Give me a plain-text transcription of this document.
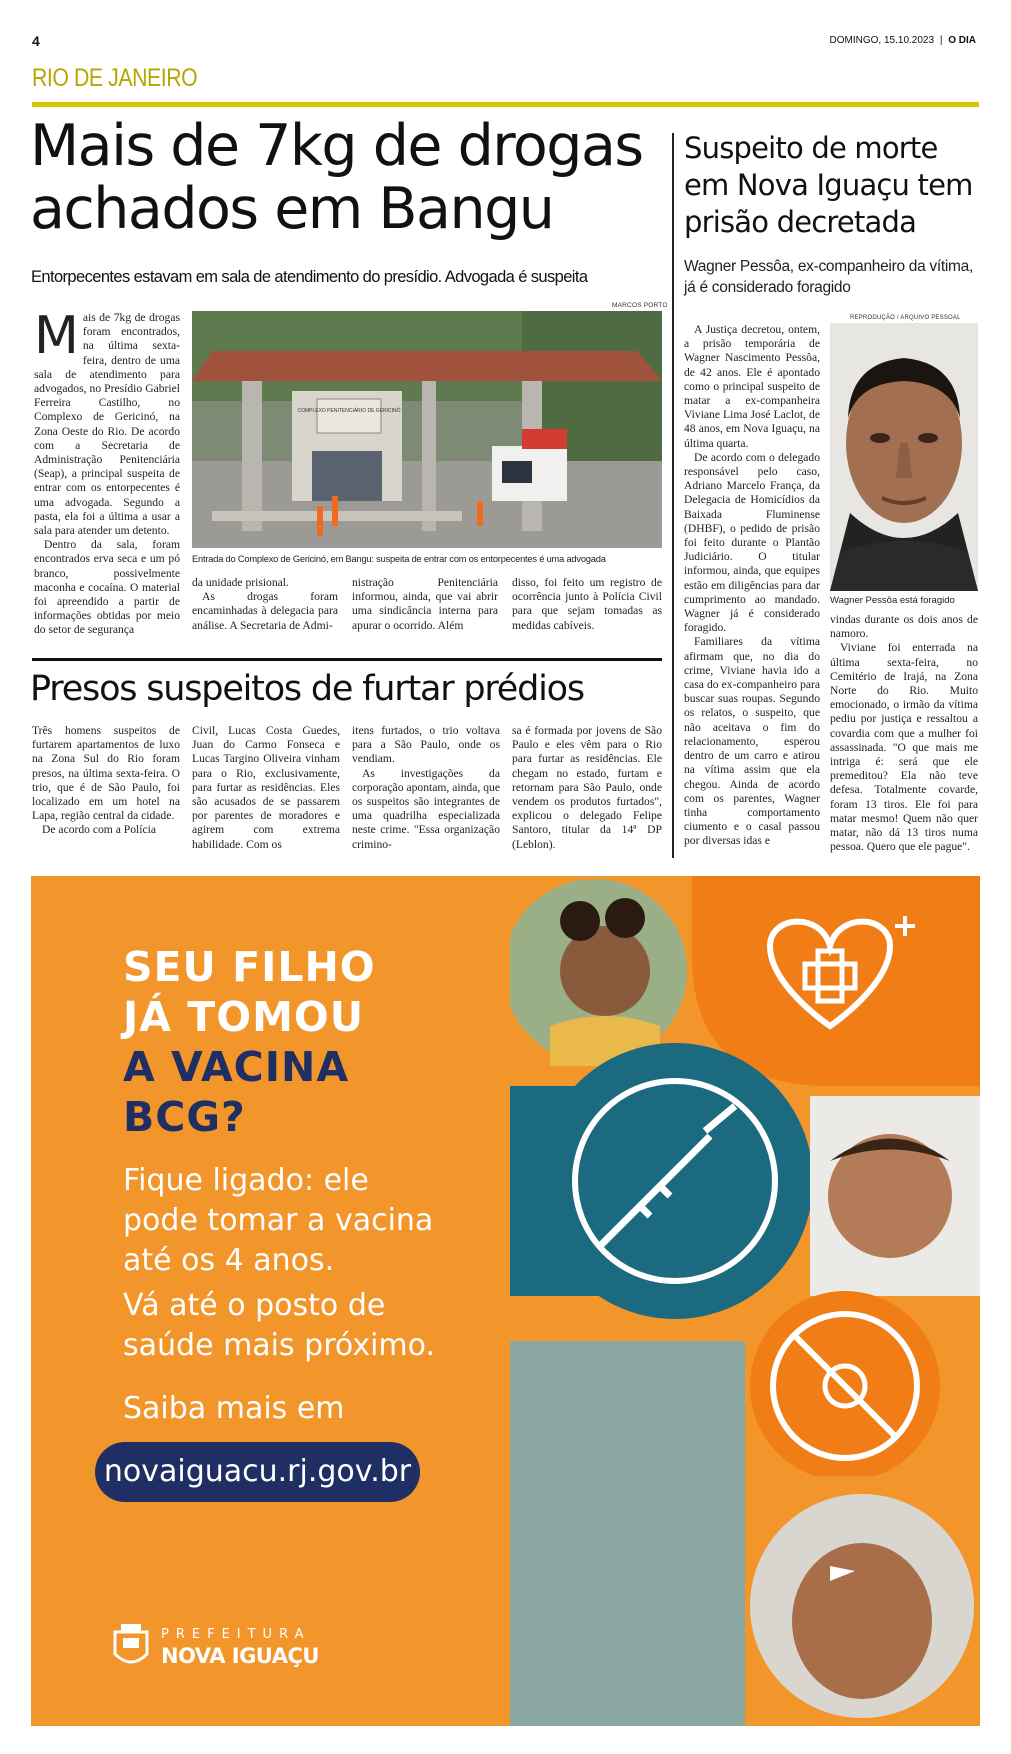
4	DOMINGO, 15.10.2023 | O DIA
RIO DE JANEIRO
Mais de 7kg de drogas
achados em Bangu
Entorpecentes estavam em sala de atendimento do presídio. Advogada é suspeita
M ais de 7kg de drogas foram encontrados, na última sexta-feira, dentro de uma sala de atendimento para advogados, no Presídio Gabriel Ferreira Castilho, no Complexo de Gericinó, na Zona Oeste do Rio. De acordo com a Secretaria de Administração Penitenciária (Seap), a principal suspeita de entrar com os entorpecentes é uma advogada. Segundo a pasta, ela foi a última a usar a sala para atender um detento.

Dentro da sala, foram encontrados erva seca e um pó branco, possivelmente maconha e cocaína. O material foi apreendido a partir de informações obtidas por meio do setor de segurança

MARCOS PORTO
COMPLEXO PENITENCIÁRIO DE GERICINÓ
Entrada do Complexo de Gericinó, em Bangu: suspeita de entrar com os entorpecentes é uma advogada

da unidade prisional.

As drogas foram encaminhadas à delegacia para análise. A Secretaria de Admi-

nistração Penitenciária informou, ainda, que vai abrir uma sindicância interna para apurar o ocorrido. Além

disso, foi feito um registro de ocorrência junto à Polícia Civil para que sejam tomadas as medidas cabíveis.

Presos suspeitos de furtar prédios

Três homens suspeitos de furtarem apartamentos de luxo na Zona Sul do Rio foram presos, na última sexta-feira. O trio, que é de São Paulo, foi localizado em um hotel na Lapa, região central da cidade.

De acordo com a Polícia

Civil, Lucas Costa Guedes, Juan do Carmo Fonseca e Lucas Targino Oliveira vinham para o Rio, exclusivamente, para furtar as residências. Eles são acusados de se passarem por parentes de moradores e agirem com extrema habilidade. Com os

itens furtados, o trio voltava para a São Paulo, onde os vendiam.

As investigações da corporação apontam, ainda, que os suspeitos são integrantes de uma quadrilha especializada neste crime. "Essa organização crimino-

sa é formada por jovens de São Paulo e eles vêm para o Rio para furtar as residências. Ele chegam no estado, furtam e retornam para São Paulo, onde vendem os produtos furtados", explicou o delegado Felipe Santoro, titular da 14ª DP (Leblon).

Suspeito de morte
em Nova Iguaçu tem
prisão decretada
Wagner Pessôa, ex-companheiro da vítima, já é considerado foragido

A Justiça decretou, ontem, a prisão temporária de Wagner Nascimento Pessôa, de 42 anos. Ele é apontado como o principal suspeito de matar a ex-companheira Viviane Lima José Laclot, de 48 anos, em Nova Iguaçu, na última quarta.

De acordo com o delegado responsável pelo caso, Adriano Marcelo França, da Delegacia de Homicídios da Baixada Fluminense (DHBF), o pedido de prisão foi feito durante o Plantão Judiciário. O titular informou, ainda, que equipes estão em diligências para dar cumprimento ao mandado. Wagner já é considerado foragido.

Familiares da vítima afirmam que, no dia do crime, Viviane havia ido a casa do ex-companheiro para buscar suas roupas. Segundo os relatos, o suspeito, que não aceitava o fim do relacionamento, esperou dentro de um carro e atirou na vítima assim que ela chegou. Ainda de acordo com os parentes, Wagner tinha comportamento ciumento e o casal passou por diversas idas e

REPRODUÇÃO / ARQUIVO PESSOAL
Wagner Pessôa está foragido

vindas durante os dois anos de namoro.

Viviane foi enterrada na última sexta-feira, no Cemitério de Irajá, na Zona Norte do Rio. Muito emocionado, o irmão da vítima pediu por justiça e ressaltou a covardia com que a mulher foi assassinada. "O que mais me intriga é: será que ele premeditou? Ela não teve defesa. Totalmente covarde, foram 13 tiros. Ele foi para matar mesmo! Quem não quer matar, não dá 13 tiros numa pessoa. Quero que ele pague".

SEU FILHO
JÁ TOMOU
A VACINA
BCG?
Fique ligado: ele
pode tomar a vacina
até os 4 anos.
Vá até o posto de
saúde mais próximo.
Saiba mais em
novaiguacu.rj.gov.br
PREFEITURA
NOVA IGUAÇU
